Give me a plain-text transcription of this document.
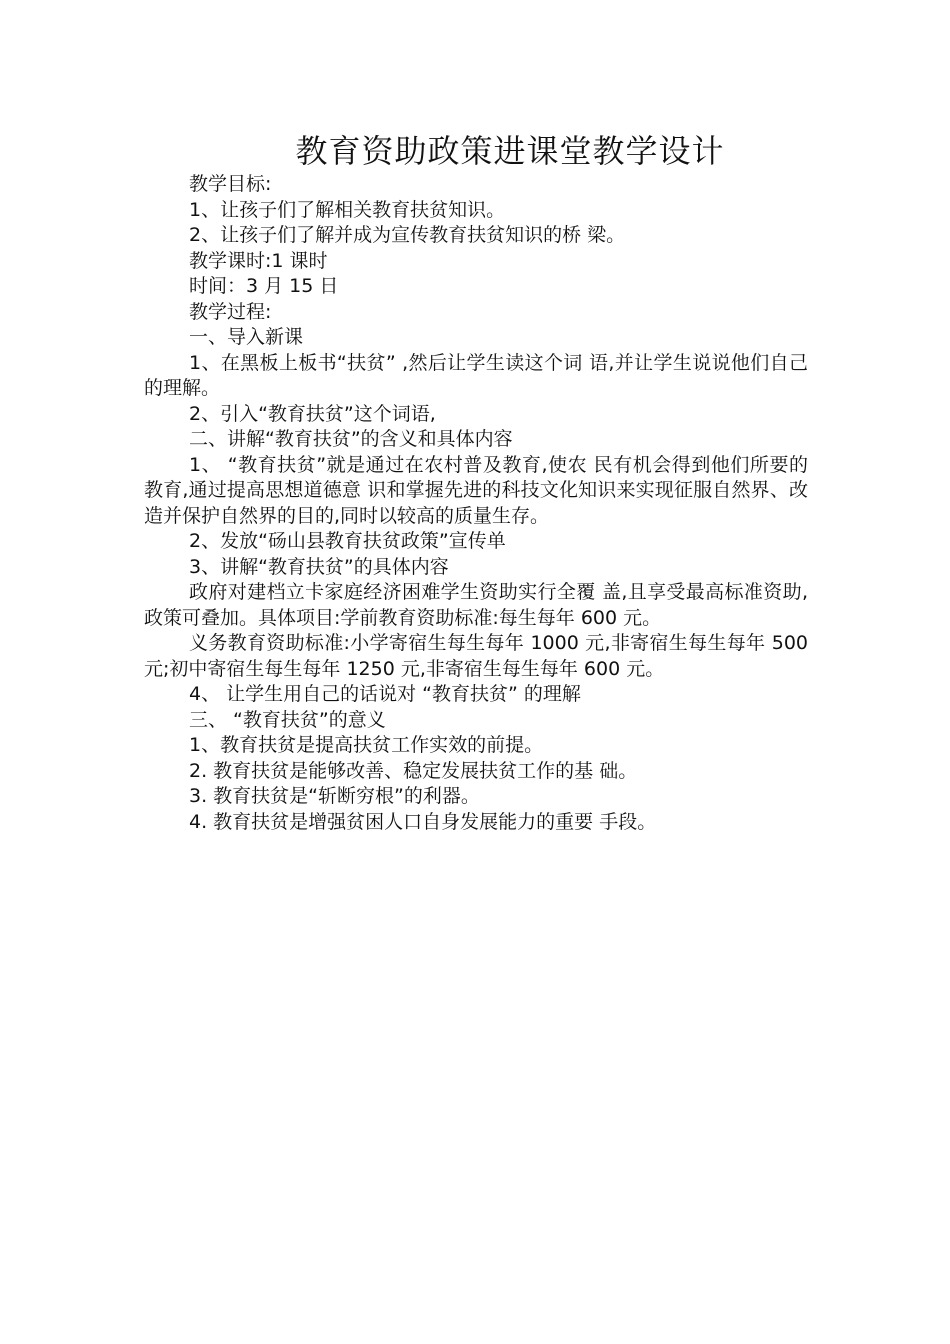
教育资助政策进课堂教学设计

教学目标:

1、让孩子们了解相关教育扶贫知识。

2、让孩子们了解并成为宣传教育扶贫知识的桥 梁。

教学课时:1 课时

时间：3 月 15 日

教学过程:

一、导入新课

1、在黑板上板书“扶贫” ,然后让学生读这个词 语,并让学生说说他们自己的理解。

2、引入“教育扶贫”这个词语,

二、讲解“教育扶贫”的含义和具体内容

1、 “教育扶贫”就是通过在农村普及教育,使农 民有机会得到他们所要的教育,通过提高思想道德意 识和掌握先进的科技文化知识来实现征服自然界、改 造并保护自然界的目的,同时以较高的质量生存。

2、发放“砀山县教育扶贫政策”宣传单

3、讲解“教育扶贫”的具体内容

政府对建档立卡家庭经济困难学生资助实行全覆 盖,且享受最高标准资助,政策可叠加。具体项目:学前教育资助标准:每生每年 600 元。

义务教育资助标准:小学寄宿生每生每年 1000 元,非寄宿生每生每年 500 元;初中寄宿生每生每年 1250 元,非寄宿生每生每年 600 元。

4、 让学生用自己的话说对 “教育扶贫” 的理解

三、 “教育扶贫”的意义

1、教育扶贫是提高扶贫工作实效的前提。

2. 教育扶贫是能够改善、稳定发展扶贫工作的基 础。

3. 教育扶贫是“斩断穷根”的利器。

4. 教育扶贫是增强贫困人口自身发展能力的重要 手段。
